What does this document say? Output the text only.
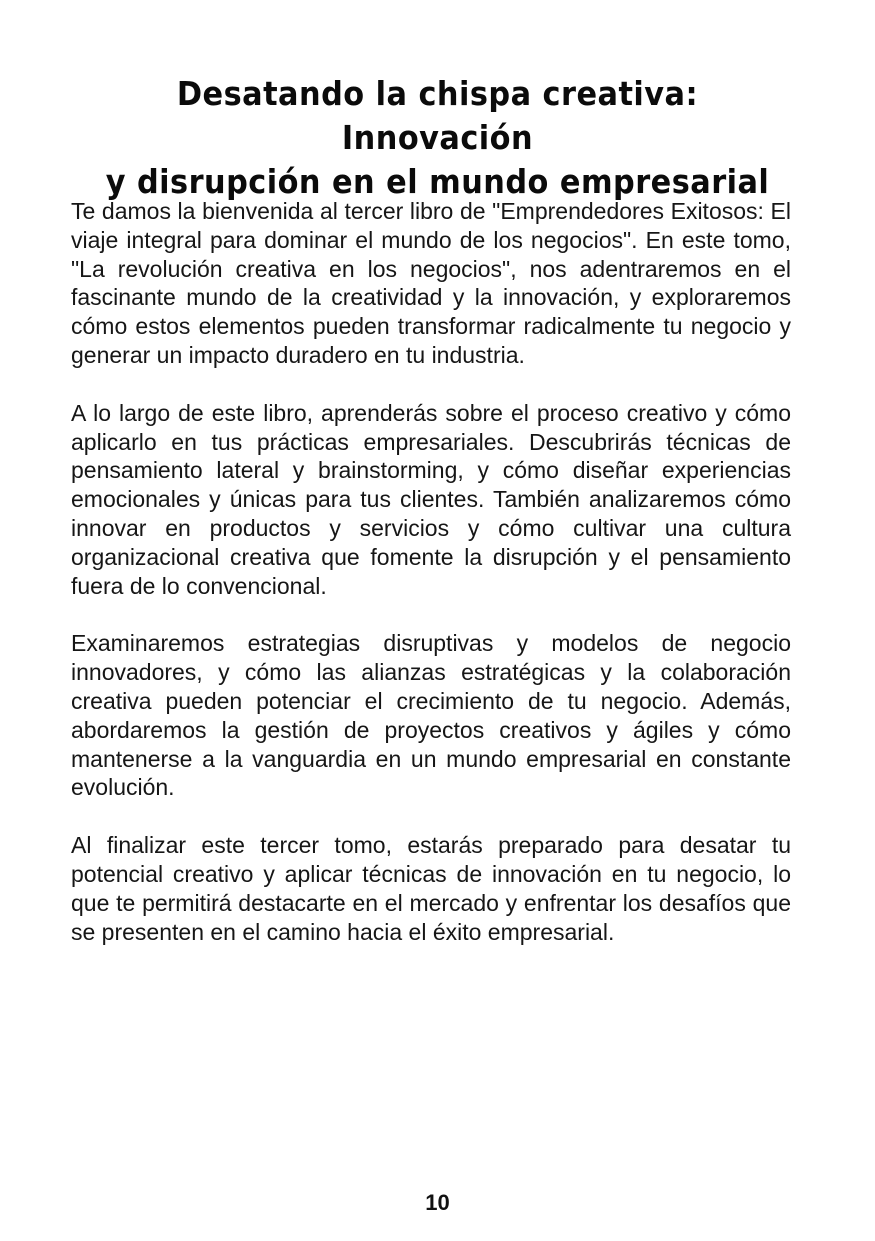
Desatando la chispa creativa: Innovación
y disrupción en el mundo empresarial

Te damos la bienvenida al tercer libro de "Emprendedores Exitosos: El viaje integral para dominar el mundo de los negocios". En este tomo, "La revolución creativa en los negocios", nos adentraremos en el fascinante mundo de la creatividad y la innovación, y exploraremos cómo estos elementos pueden transformar radicalmente tu negocio y generar un impacto duradero en tu industria.

A lo largo de este libro, aprenderás sobre el proceso creativo y cómo aplicarlo en tus prácticas empresariales. Descubrirás técnicas de pensamiento lateral y brainstorming, y cómo diseñar experiencias emocionales y únicas para tus clientes. También analizaremos cómo innovar en productos y servicios y cómo cultivar una cultura organizacional creativa que fomente la disrupción y el pensamiento fuera de lo convencional.

Examinaremos estrategias disruptivas y modelos de negocio innovadores, y cómo las alianzas estratégicas y la colaboración creativa pueden potenciar el crecimiento de tu negocio. Además, abordaremos la gestión de proyectos creativos y ágiles y cómo mantenerse a la vanguardia en un mundo empresarial en constante evolución.

Al finalizar este tercer tomo, estarás preparado para desatar tu potencial creativo y aplicar técnicas de innovación en tu negocio, lo que te permitirá destacarte en el mercado y enfrentar los desafíos que se presenten en el camino hacia el éxito empresarial.

10
